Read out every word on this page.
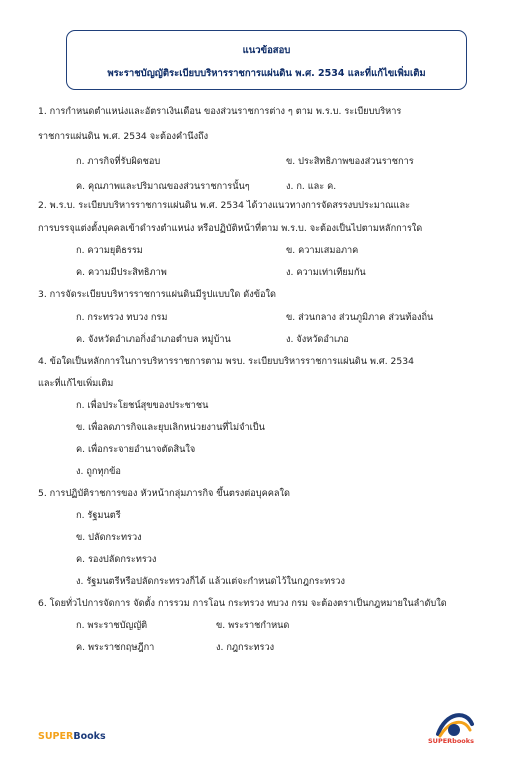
แนวข้อสอบ
พระราชบัญญัติระเบียบบริหารราชการแผ่นดิน พ.ศ. 2534 และที่แก้ไขเพิ่มเติม
1. การกำหนดตำแหน่งและอัตราเงินเดือน ของส่วนราชการต่าง ๆ ตาม พ.ร.บ. ระเบียบบริหาร
ราชการแผ่นดิน พ.ศ. 2534 จะต้องคำนึงถึง
ก. ภารกิจที่รับผิดชอบ	ข. ประสิทธิภาพของส่วนราชการ
ค. คุณภาพและปริมาณของส่วนราชการนั้นๆ	ง. ก. และ ค.
2. พ.ร.บ. ระเบียบบริหารราชการแผ่นดิน พ.ศ. 2534 ได้วางแนวทางการจัดสรรงบประมาณและ
การบรรจุแต่งตั้งบุคคลเข้าดำรงตำแหน่ง หรือปฏิบัติหน้าที่ตาม พ.ร.บ. จะต้องเป็นไปตามหลักการใด
ก. ความยุติธรรม	ข. ความเสมอภาค
ค. ความมีประสิทธิภาพ	ง. ความเท่าเทียมกัน
3. การจัดระเบียบบริหารราชการแผ่นดินมีรูปแบบใด ดังข้อใด
ก. กระทรวง ทบวง กรม	ข. ส่วนกลาง ส่วนภูมิภาค ส่วนท้องถิ่น
ค. จังหวัดอำเภอกิ่งอำเภอตำบล หมู่บ้าน	ง. จังหวัดอำเภอ
4. ข้อใดเป็นหลักการในการบริหารราชการตาม พรบ. ระเบียบบริหารราชการแผ่นดิน พ.ศ. 2534
และที่แก้ไขเพิ่มเติม
ก. เพื่อประโยชน์สุขของประชาชน
ข. เพื่อลดภารกิจและยุบเลิกหน่วยงานที่ไม่จำเป็น
ค. เพื่อกระจายอำนาจตัดสินใจ
ง. ถูกทุกข้อ
5. การปฏิบัติราชการของ หัวหน้ากลุ่มภารกิจ ขึ้นตรงต่อบุคคลใด
ก. รัฐมนตรี
ข. ปลัดกระทรวง
ค. รองปลัดกระทรวง
ง. รัฐมนตรีหรือปลัดกระทรวงก็ได้ แล้วแต่จะกำหนดไว้ในกฎกระทรวง
6. โดยทั่วไปการจัดการ จัดตั้ง การรวม การโอน กระทรวง ทบวง กรม จะต้องตราเป็นกฎหมายในลำดับใด
ก. พระราชบัญญัติ	ข. พระราชกำหนด
ค. พระราชกฤษฎีกา	ง. กฎกระทรวง
SUPERBooks	SUPERbooks
